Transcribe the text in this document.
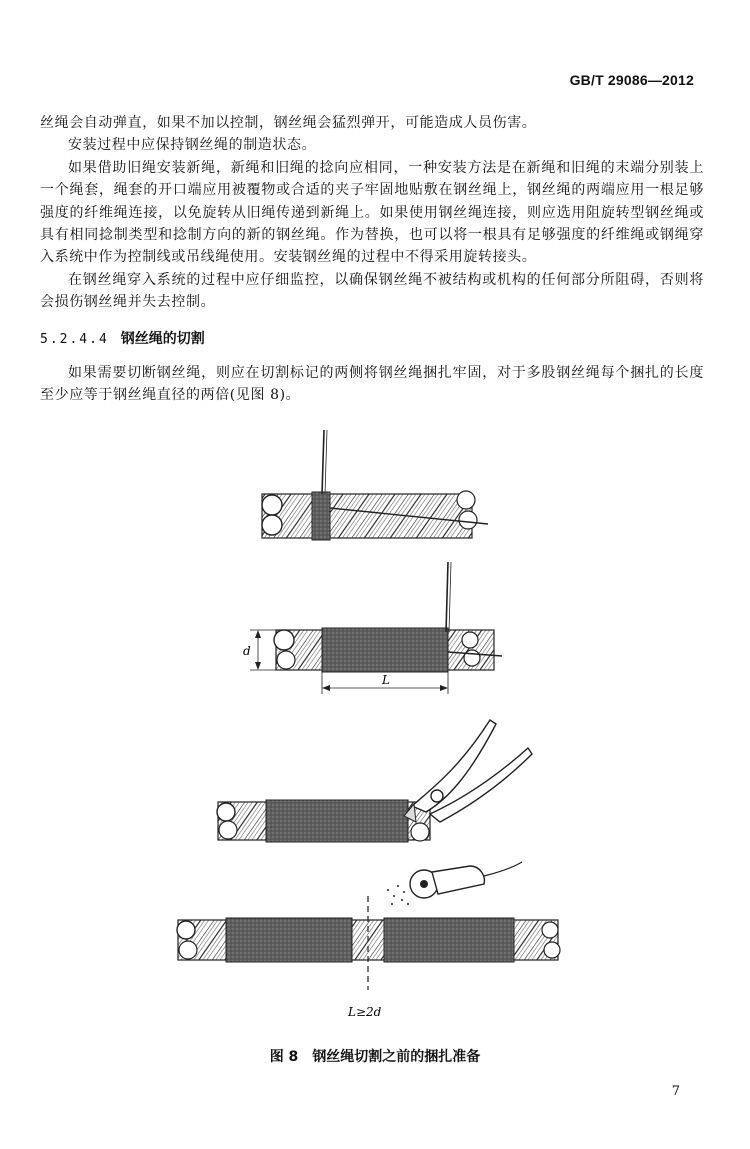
GB/T 29086—2012

丝绳会自动弹直，如果不加以控制，钢丝绳会猛烈弹开，可能造成人员伤害。

安装过程中应保持钢丝绳的制造状态。

如果借助旧绳安装新绳，新绳和旧绳的捻向应相同，一种安装方法是在新绳和旧绳的末端分别装上一个绳套，绳套的开口端应用被覆物或合适的夹子牢固地贴敷在钢丝绳上，钢丝绳的两端应用一根足够强度的纤维绳连接，以免旋转从旧绳传递到新绳上。如果使用钢丝绳连接，则应选用阻旋转型钢丝绳或具有相同捻制类型和捻制方向的新的钢丝绳。作为替换，也可以将一根具有足够强度的纤维绳或钢绳穿入系统中作为控制线或吊线绳使用。安装钢丝绳的过程中不得采用旋转接头。

在钢丝绳穿入系统的过程中应仔细监控，以确保钢丝绳不被结构或机构的任何部分所阻碍，否则将会损伤钢丝绳并失去控制。

5.2.4.4 钢丝绳的切割

如果需要切断钢丝绳，则应在切割标记的两侧将钢丝绳捆扎牢固，对于多股钢丝绳每个捆扎的长度至少应等于钢丝绳直径的两倍(见图 8)。

d
L
L≥2d
图 8 钢丝绳切割之前的捆扎准备
7
